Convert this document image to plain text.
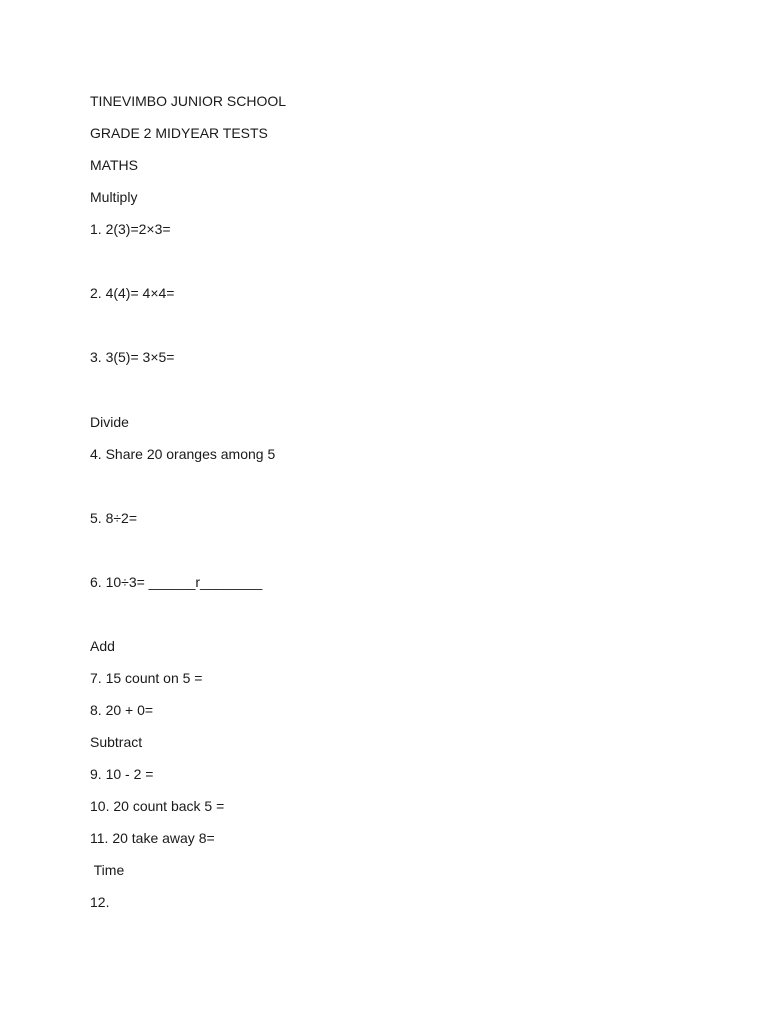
TINEVIMBO JUNIOR SCHOOL
GRADE 2 MIDYEAR TESTS
MATHS
Multiply
1. 2(3)=2×3=
2. 4(4)= 4×4=
3. 3(5)= 3×5=
Divide
4. Share 20 oranges among 5
5. 8÷2=
6. 10÷3= ______r________
Add
7. 15 count on 5 =
8. 20 + 0=
Subtract
9. 10 - 2 =
10. 20 count back 5 =
11. 20 take away 8=
Time
12.
